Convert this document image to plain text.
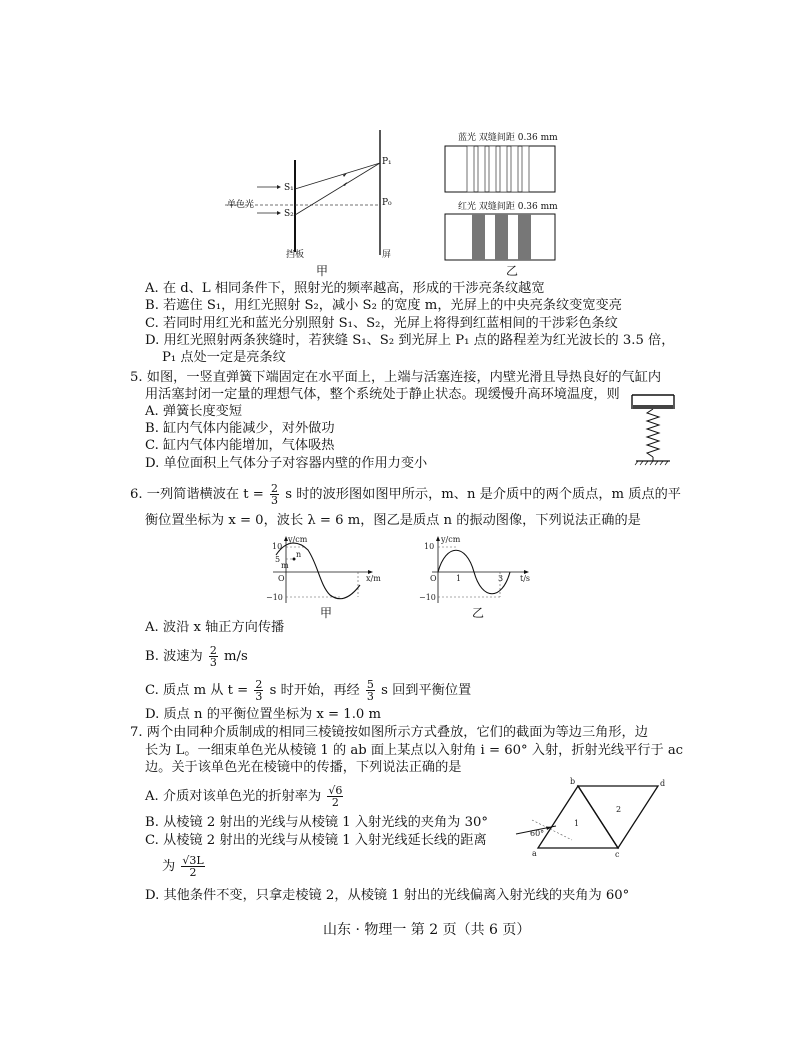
单色光
S₁
S₂
P₁
P₀
挡板	屏
甲
蓝光 双缝间距 0.36 mm
红光 双缝间距 0.36 mm
乙
A. 在 d、L 相同条件下，照射光的频率越高，形成的干涉亮条纹越宽
B. 若遮住 S₁，用红光照射 S₂，减小 S₂ 的宽度 m，光屏上的中央亮条纹变宽变亮
C. 若同时用红光和蓝光分别照射 S₁、S₂，光屏上将得到红蓝相间的干涉彩色条纹
D. 用红光照射两条狭缝时，若狭缝 S₁、S₂ 到光屏上 P₁ 点的路程差为红光波长的 3.5 倍，
P₁ 点处一定是亮条纹
5. 如图，一竖直弹簧下端固定在水平面上，上端与活塞连接，内壁光滑且导热良好的气缸内
用活塞封闭一定量的理想气体，整个系统处于静止状态。现缓慢升高环境温度，则
A. 弹簧长度变短
B. 缸内气体内能减少，对外做功
C. 缸内气体内能增加，气体吸热
D. 单位面积上气体分子对容器内壁的作用力变小
6. 一列简谐横波在 $t = \frac{2}{3}$ s 时的波形图如图甲所示，m、n 是介质中的两个质点，m 质点的平
衡位置坐标为 x = 0，波长 λ = 6 m，图乙是质点 n 的振动图像，下列说法正确的是
y/cm
10
5
−10
O
m
n
x/m
甲
y/cm
10
−10
O 1	3 t/s
乙
A. 波沿 x 轴正方向传播
B. 波速为 $\frac{2}{3} m/s$
C. 质点 m 从 $t = \frac{2}{3}$ s 时开始，再经 $\frac{5}{3}$ s 回到平衡位置
D. 质点 n 的平衡位置坐标为 x = 1.0 m
7. 两个由同种介质制成的相同三棱镜按如图所示方式叠放，它们的截面为等边三角形，边
长为 L。一细束单色光从棱镜 1 的 ab 面上某点以入射角 i = 60° 入射，折射光线平行于 ac
边。关于该单色光在棱镜中的传播，下列说法正确的是
A. 介质对该单色光的折射率为 $\frac{√6}{2}$
B. 从棱镜 2 射出的光线与从棱镜 1 入射光线的夹角为 30°
C. 从棱镜 2 射出的光线与从棱镜 1 入射光线延长线的距离
为 $\frac{√3L}{2}$
D. 其他条件不变，只拿走棱镜 2，从棱镜 1 射出的光线偏离入射光线的夹角为 60°
60°
a
b
c
d
1
2
山东 · 物理一 第 2 页（共 6 页）
